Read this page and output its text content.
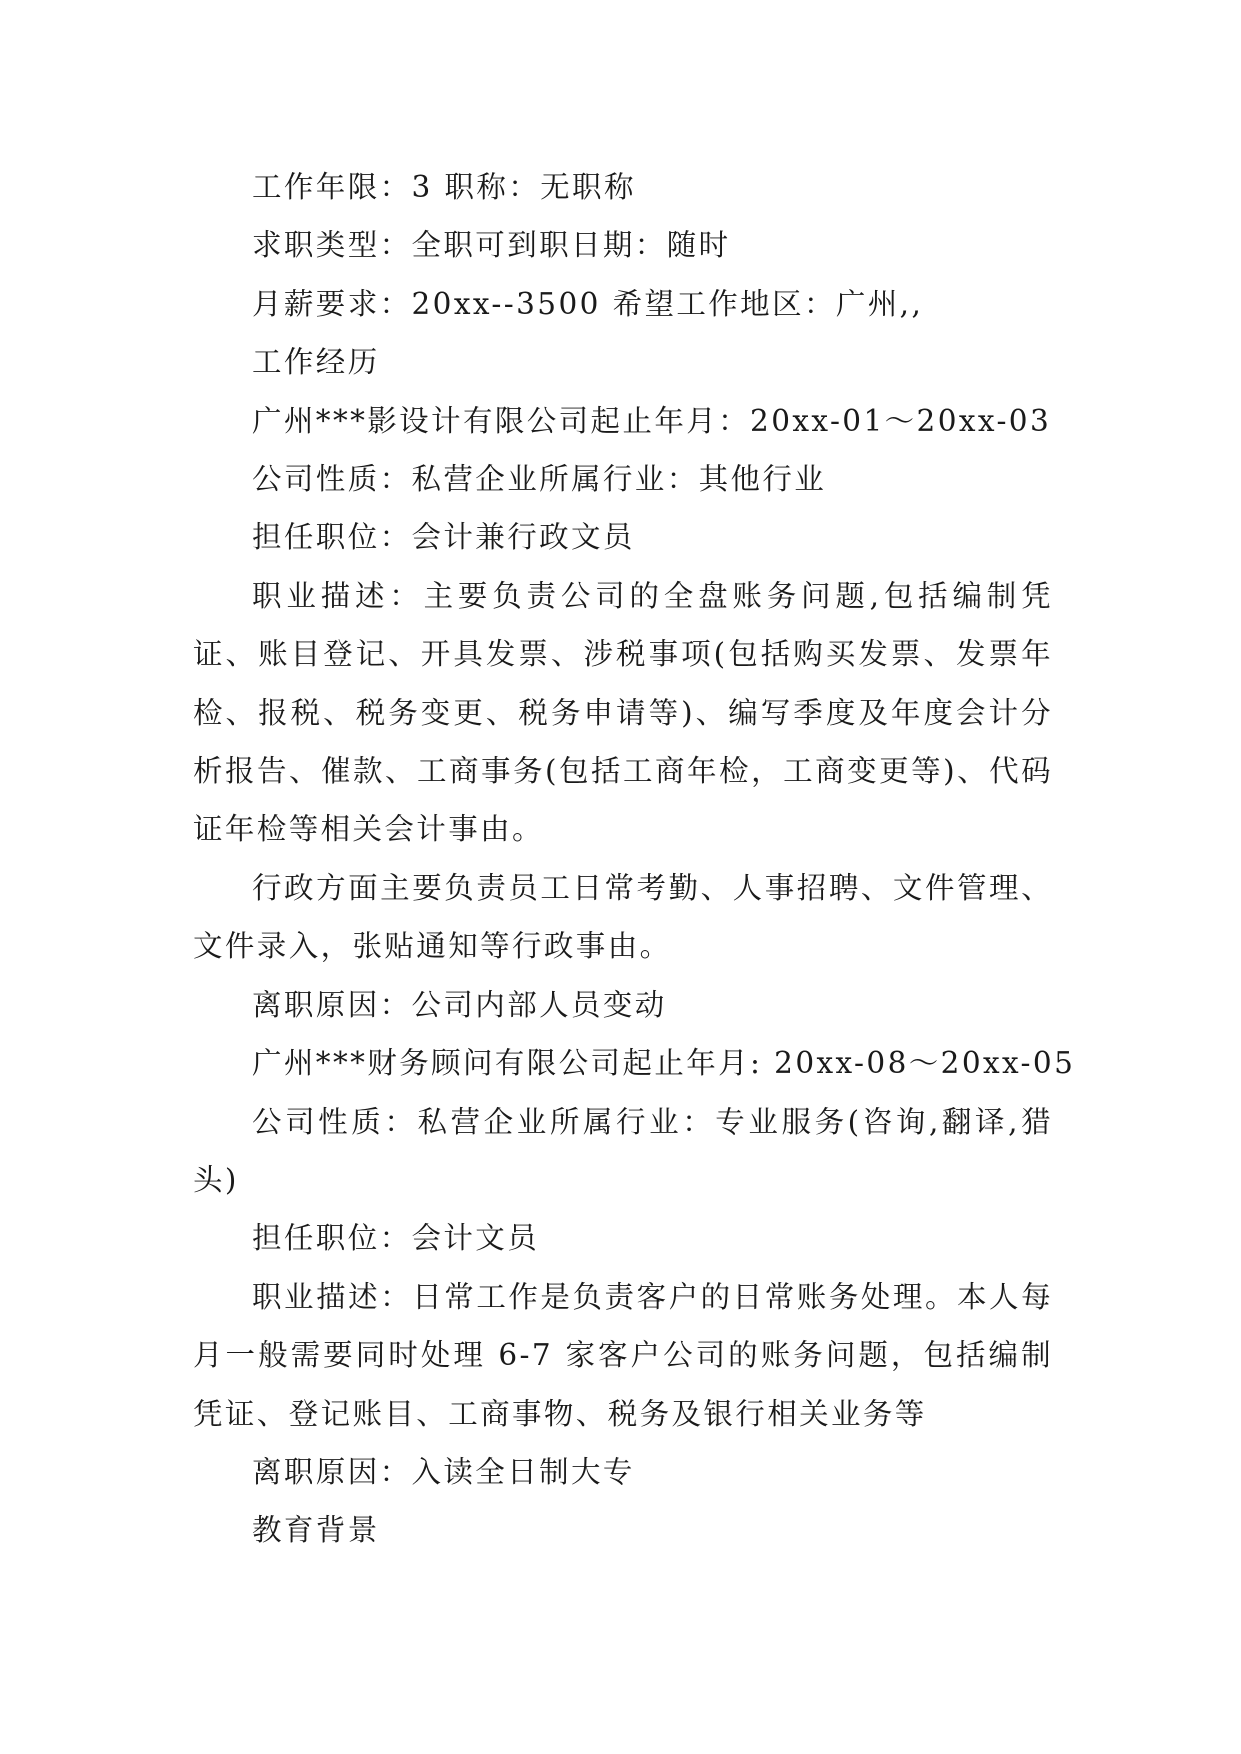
工作年限：3 职称：无职称

求职类型：全职可到职日期：随时

月薪要求：20xx--3500 希望工作地区：广州,,

工作经历

广州***影设计有限公司起止年月：20xx-01～20xx-03

公司性质：私营企业所属行业：其他行业

担任职位：会计兼行政文员

职业描述：主要负责公司的全盘账务问题,包括编制凭证、账目登记、开具发票、涉税事项(包括购买发票、发票年检、报税、税务变更、税务申请等)、编写季度及年度会计分析报告、催款、工商事务(包括工商年检，工商变更等)、代码证年检等相关会计事由。

行政方面主要负责员工日常考勤、人事招聘、文件管理、文件录入，张贴通知等行政事由。

离职原因：公司内部人员变动

广州***财务顾问有限公司起止年月: 20xx-08～20xx-05

公司性质：私营企业所属行业：专业服务(咨询,翻译,猎头)

担任职位：会计文员

职业描述：日常工作是负责客户的日常账务处理。本人每月一般需要同时处理 6-7 家客户公司的账务问题，包括编制凭证、登记账目、工商事物、税务及银行相关业务等

离职原因：入读全日制大专

教育背景
